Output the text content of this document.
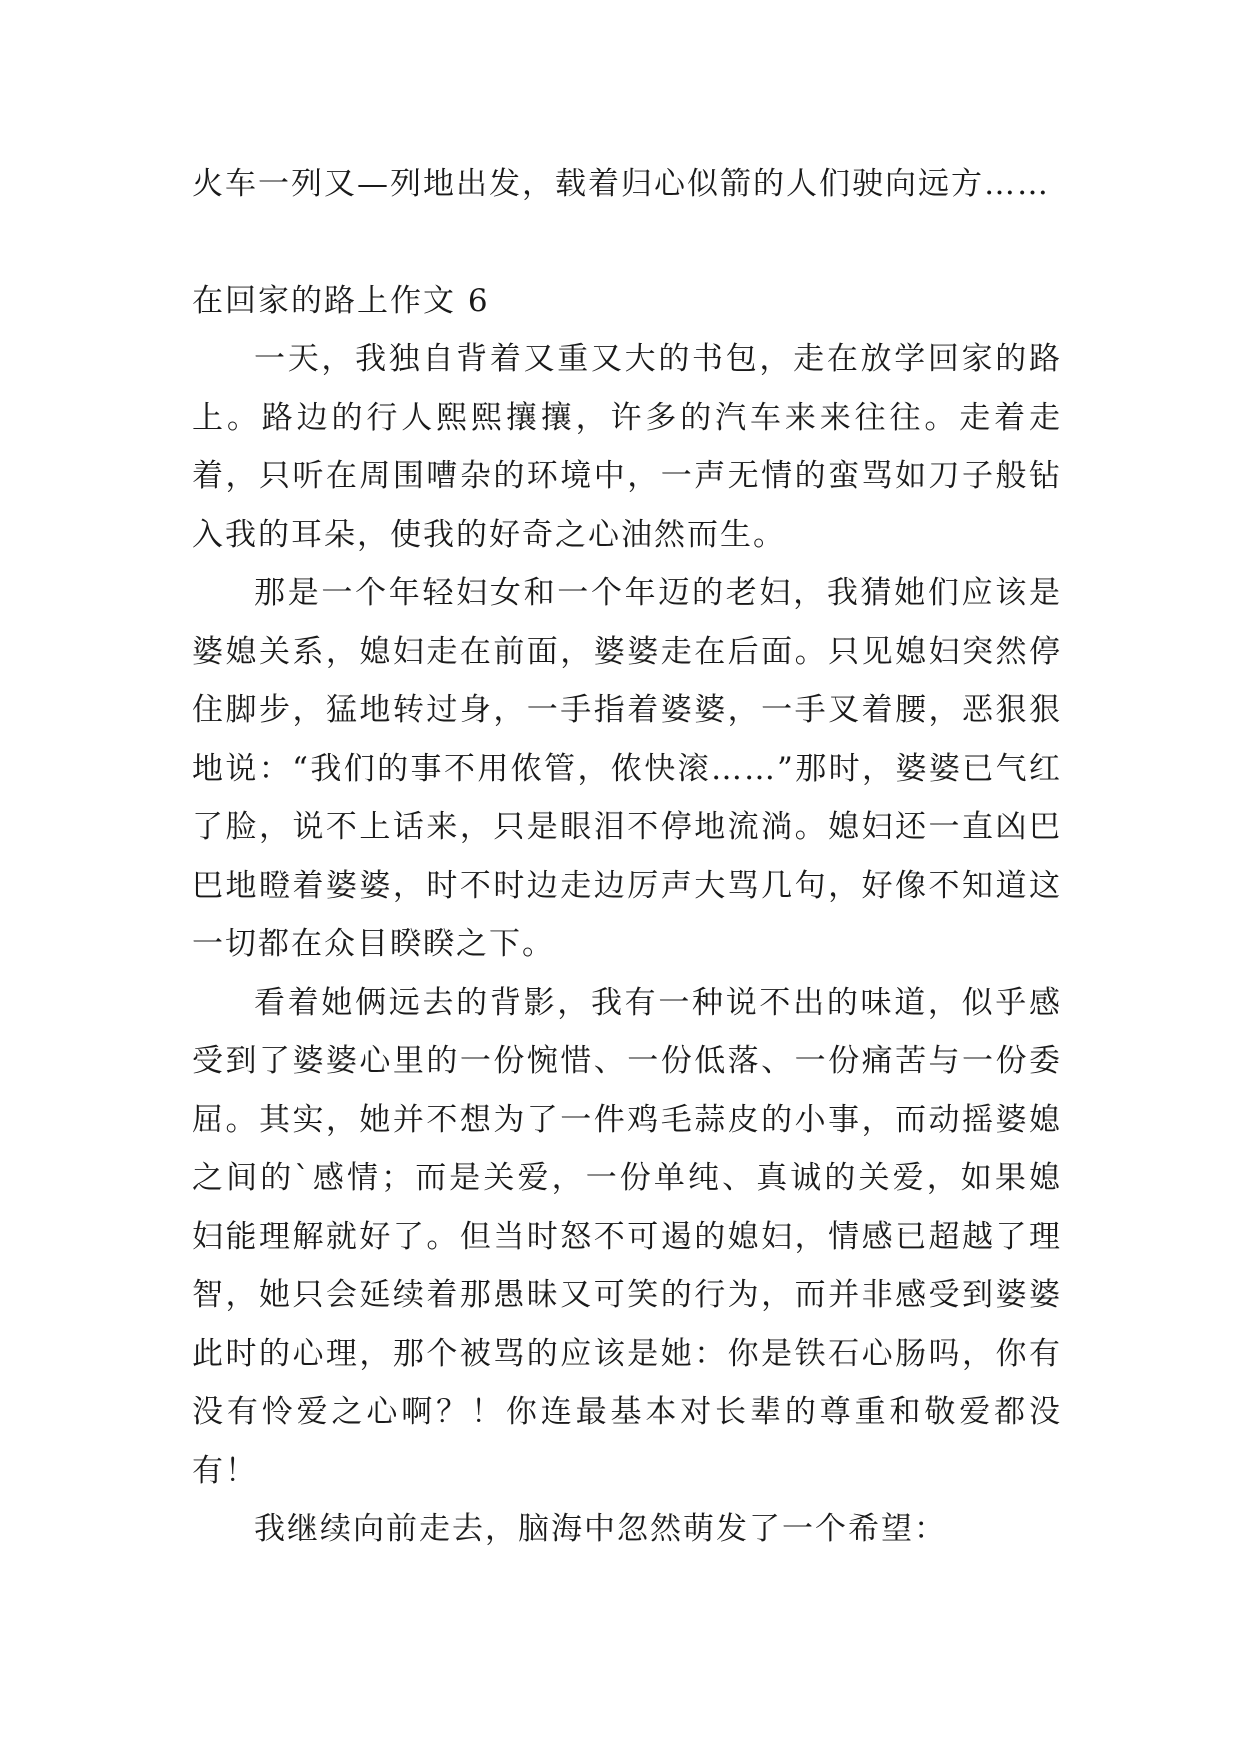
火车一列又—列地出发，载着归心似箭的人们驶向远方……

在回家的路上作文 6

一天，我独自背着又重又大的书包，走在放学回家的路上。路边的行人熙熙攘攘，许多的汽车来来往往。走着走着，只听在周围嘈杂的环境中，一声无情的蛮骂如刀子般钻入我的耳朵，使我的好奇之心油然而生。

那是一个年轻妇女和一个年迈的老妇，我猜她们应该是婆媳关系，媳妇走在前面，婆婆走在后面。只见媳妇突然停住脚步，猛地转过身，一手指着婆婆，一手叉着腰，恶狠狠地说：“我们的事不用侬管，侬快滚……”那时，婆婆已气红了脸，说不上话来，只是眼泪不停地流淌。媳妇还一直凶巴巴地瞪着婆婆，时不时边走边厉声大骂几句，好像不知道这一切都在众目睽睽之下。

看着她俩远去的背影，我有一种说不出的味道，似乎感受到了婆婆心里的一份惋惜、一份低落、一份痛苦与一份委屈。其实，她并不想为了一件鸡毛蒜皮的小事，而动摇婆媳之间的`感情；而是关爱，一份单纯、真诚的关爱，如果媳妇能理解就好了。但当时怒不可遏的媳妇，情感已超越了理智，她只会延续着那愚昧又可笑的行为，而并非感受到婆婆此时的心理，那个被骂的应该是她：你是铁石心肠吗，你有没有怜爱之心啊？！你连最基本对长辈的尊重和敬爱都没有！

我继续向前走去，脑海中忽然萌发了一个希望：
